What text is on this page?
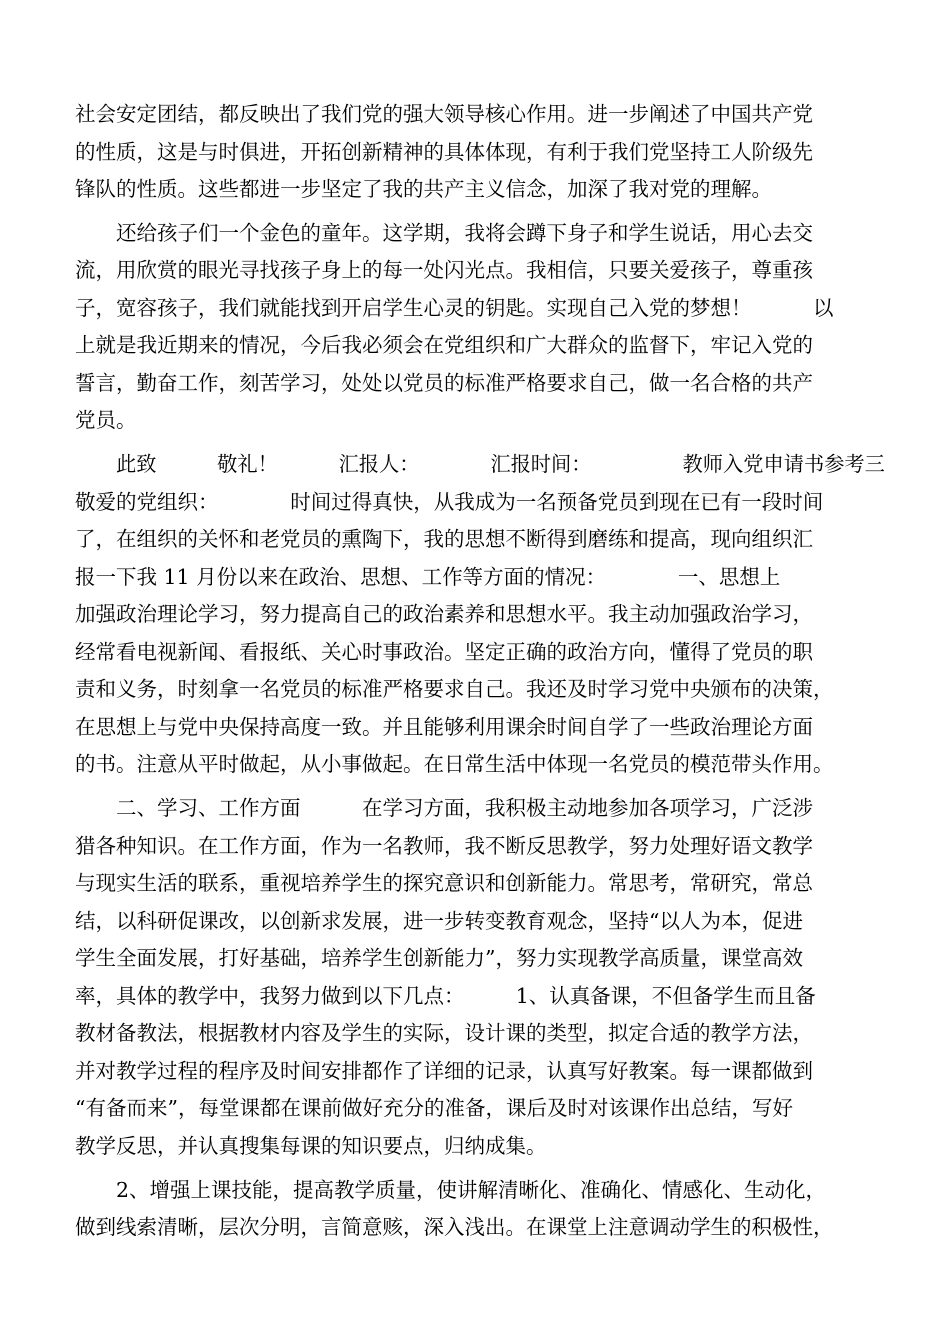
社会安定团结，都反映出了我们党的强大领导核心作用。进一步阐述了中国共产党
的性质，这是与时俱进，开拓创新精神的具体体现，有利于我们党坚持工人阶级先
锋队的性质。这些都进一步坚定了我的共产主义信念，加深了我对党的理解。

还给孩子们一个金色的童年。这学期，我将会蹲下身子和学生说话，用心去交
流，用欣赏的眼光寻找孩子身上的每一处闪光点。我相信，只要关爱孩子，尊重孩
子，宽容孩子，我们就能找到开启学生心灵的钥匙。实现自己入党的梦想！　　　以
上就是我近期来的情况，今后我必须会在党组织和广大群众的监督下，牢记入党的
誓言，勤奋工作，刻苦学习，处处以党员的标准严格要求自己，做一名合格的共产
党员。

此致　　　敬礼！　　　汇报人：　　　　汇报时间：　　　　　教师入党申请书参考三
敬爱的党组织：　　　　时间过得真快，从我成为一名预备党员到现在已有一段时间
了，在组织的关怀和老党员的熏陶下，我的思想不断得到磨练和提高，现向组织汇
报一下我 11 月份以来在政治、思想、工作等方面的情况：　　　　一、思想上
加强政治理论学习，努力提高自己的政治素养和思想水平。我主动加强政治学习，
经常看电视新闻、看报纸、关心时事政治。坚定正确的政治方向，懂得了党员的职
责和义务，时刻拿一名党员的标准严格要求自己。我还及时学习党中央颁布的决策，
在思想上与党中央保持高度一致。并且能够利用课余时间自学了一些政治理论方面
的书。注意从平时做起，从小事做起。在日常生活中体现一名党员的模范带头作用。

二、学习、工作方面　　　在学习方面，我积极主动地参加各项学习，广泛涉
猎各种知识。在工作方面，作为一名教师，我不断反思教学，努力处理好语文教学
与现实生活的联系，重视培养学生的探究意识和创新能力。常思考，常研究，常总
结，以科研促课改，以创新求发展，进一步转变教育观念，坚持“以人为本，促进
学生全面发展，打好基础，培养学生创新能力”，努力实现教学高质量，课堂高效
率，具体的教学中，我努力做到以下几点：　　　1、认真备课，不但备学生而且备
教材备教法，根据教材内容及学生的实际，设计课的类型，拟定合适的教学方法，
并对教学过程的程序及时间安排都作了详细的记录，认真写好教案。每一课都做到
“有备而来”，每堂课都在课前做好充分的准备，课后及时对该课作出总结，写好
教学反思，并认真搜集每课的知识要点，归纳成集。

2、增强上课技能，提高教学质量，使讲解清晰化、准确化、情感化、生动化，
做到线索清晰，层次分明，言简意赅，深入浅出。在课堂上注意调动学生的积极性，
